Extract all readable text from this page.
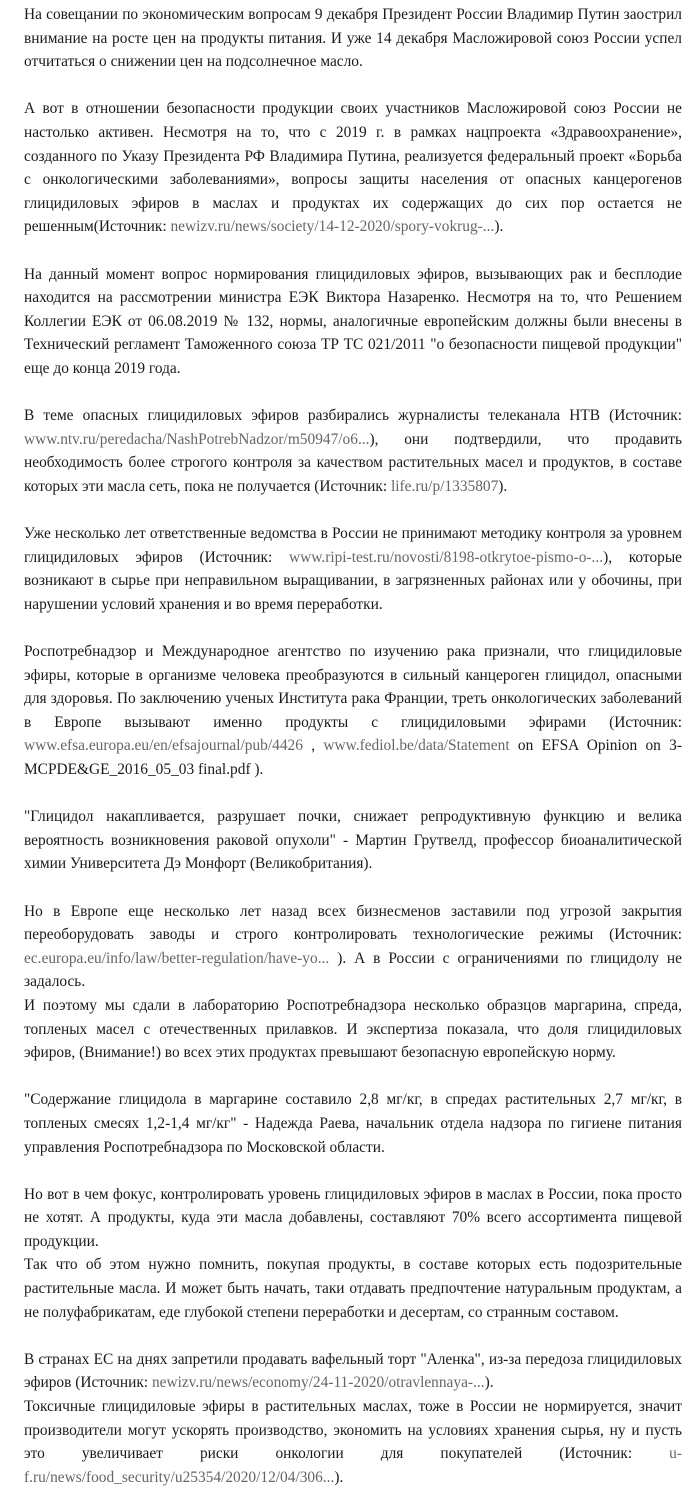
На совещании по экономическим вопросам 9 декабря Президент России Владимир Путин заострил внимание на росте цен на продукты питания. И уже 14 декабря Масложировой союз России успел отчитаться о снижении цен на подсолнечное масло.

А вот в отношении безопасности продукции своих участников Масложировой союз России не настолько активен. Несмотря на то, что с 2019 г. в рамках нацпроекта «Здравоохранение», созданного по Указу Президента РФ Владимира Путина, реализуется федеральный проект «Борьба с онкологическими заболеваниями», вопросы защиты населения от опасных канцерогенов глицидиловых эфиров в маслах и продуктах их содержащих до сих пор остается не решенным(Источник: newizv.ru/news/society/14-12-2020/spory-vokrug-...).

На данный момент вопрос нормирования глицидиловых эфиров, вызывающих рак и бесплодие находится на рассмотрении министра ЕЭК Виктора Назаренко. Несмотря на то, что Решением Коллегии ЕЭК от 06.08.2019 № 132, нормы, аналогичные европейским должны были внесены в Технический регламент Таможенного союза ТР ТС 021/2011 "о безопасности пищевой продукции" еще до конца 2019 года.

В теме опасных глицидиловых эфиров разбирались журналисты телеканала НТВ (Источник: www.ntv.ru/peredacha/NashPotrebNadzor/m50947/o6...), они подтвердили, что продавить необходимость более строгого контроля за качеством растительных масел и продуктов, в составе которых эти масла сеть, пока не получается (Источник: life.ru/p/1335807).

Уже несколько лет ответственные ведомства в России не принимают методику контроля за уровнем глицидиловых эфиров (Источник: www.ripi-test.ru/novosti/8198-otkrytoe-pismo-o-...), которые возникают в сырье при неправильном выращивании, в загрязненных районах или у обочины, при нарушении условий хранения и во время переработки.

Роспотребнадзор и Международное агентство по изучению рака признали, что глицидиловые эфиры, которые в организме человека преобразуются в сильный канцероген глицидол, опасными для здоровья. По заключению ученых Института рака Франции, треть онкологических заболеваний в Европе вызывают именно продукты с глицидиловыми эфирами (Источник: www.efsa.europa.eu/en/efsajournal/pub/4426 , www.fediol.be/data/Statement on EFSA Opinion on 3-MCPDE&GE_2016_05_03 final.pdf ).

"Глицидол накапливается, разрушает почки, снижает репродуктивную функцию и велика вероятность возникновения раковой опухоли" - Мартин Грутвелд, профессор биоаналитической химии Университета Дэ Монфорт (Великобритания).

Но в Европе еще несколько лет назад всех бизнесменов заставили под угрозой закрытия переоборудовать заводы и строго контролировать технологические режимы (Источник: ec.europa.eu/info/law/better-regulation/have-yo... ). А в России с ограничениями по глицидолу не задалось.
И поэтому мы сдали в лабораторию Роспотребнадзора несколько образцов маргарина, спреда, топленых масел с отечественных прилавков. И экспертиза показала, что доля глицидиловых эфиров, (Внимание!) во всех этих продуктах превышают безопасную европейскую норму.

"Содержание глицидола в маргарине составило 2,8 мг/кг, в спредах растительных 2,7 мг/кг, в топленых смесях 1,2-1,4 мг/кг" - Надежда Раева, начальник отдела надзора по гигиене питания управления Роспотребнадзора по Московской области.

Но вот в чем фокус, контролировать уровень глицидиловых эфиров в маслах в России, пока просто не хотят. А продукты, куда эти масла добавлены, составляют 70% всего ассортимента пищевой продукции.
Так что об этом нужно помнить, покупая продукты, в составе которых есть подозрительные растительные масла. И может быть начать, таки отдавать предпочтение натуральным продуктам, а не полуфабрикатам, еде глубокой степени переработки и десертам, со странным составом.

В странах ЕС на днях запретили продавать вафельный торт "Аленка", из-за передоза глицидиловых эфиров (Источник: newizv.ru/news/economy/24-11-2020/otravlennaya-...).
Токсичные глицидиловые эфиры в растительных маслах, тоже в России не нормируется, значит производители могут ускорять производство, экономить на условиях хранения сырья, ну и пусть это увеличивает риски онкологии для покупателей (Источник: u-f.ru/news/food_security/u25354/2020/12/04/306...).
